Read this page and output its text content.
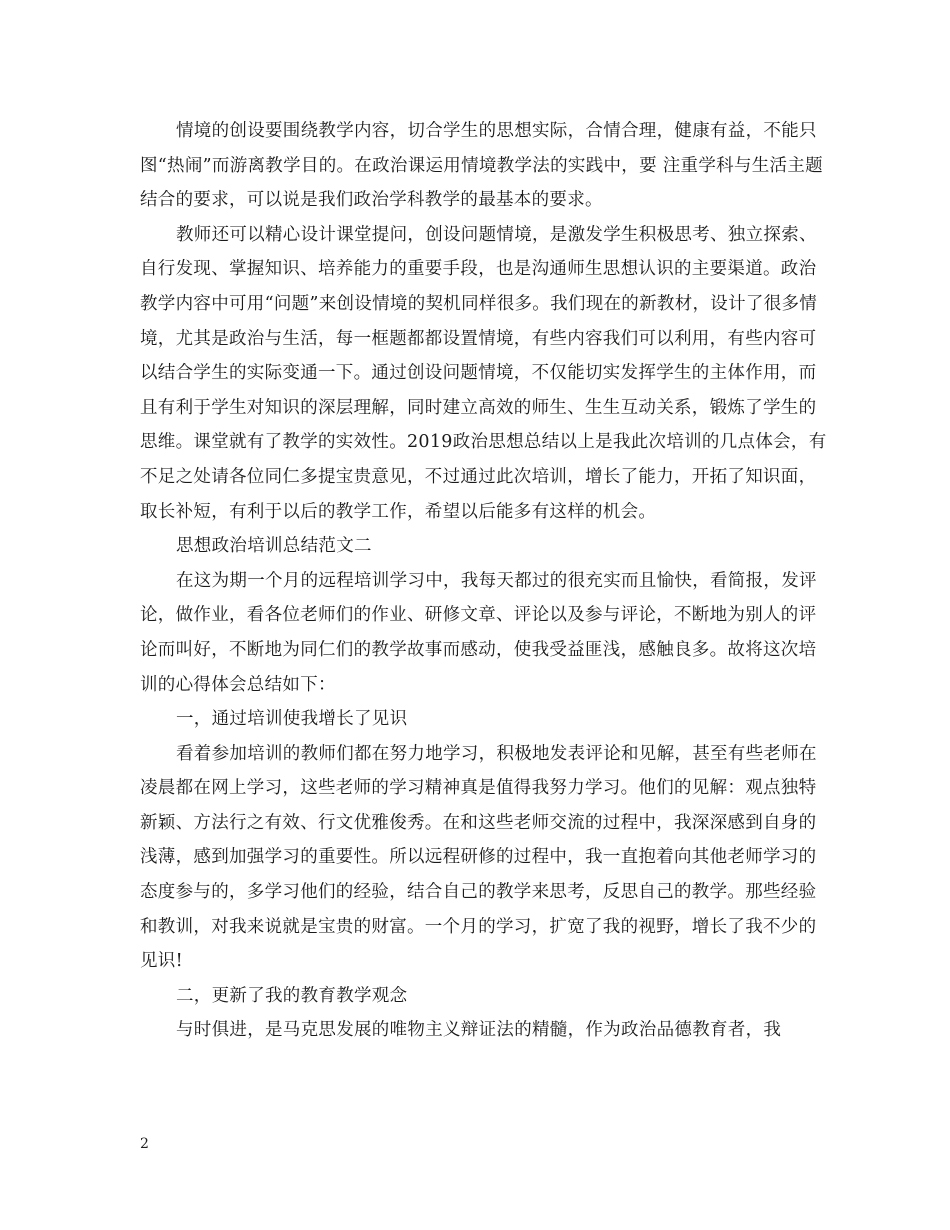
情境的创设要围绕教学内容，切合学生的思想实际，合情合理，健康有益，不能只图“热闹”而游离教学目的。在政治课运用情境教学法的实践中，要 注重学科与生活主题结合的要求，可以说是我们政治学科教学的最基本的要求。

教师还可以精心设计课堂提问，创设问题情境，是激发学生积极思考、独立探索、自行发现、掌握知识、培养能力的重要手段，也是沟通师生思想认识的主要渠道。政治教学内容中可用“问题”来创设情境的契机同样很多。我们现在的新教材，设计了很多情境，尤其是政治与生活，每一框题都都设置情境，有些内容我们可以利用，有些内容可以结合学生的实际变通一下。通过创设问题情境，不仅能切实发挥学生的主体作用，而且有利于学生对知识的深层理解，同时建立高效的师生、生生互动关系，锻炼了学生的思维。课堂就有了教学的实效性。2019政治思想总结以上是我此次培训的几点体会，有不足之处请各位同仁多提宝贵意见，不过通过此次培训，增长了能力，开拓了知识面，取长补短，有利于以后的教学工作，希望以后能多有这样的机会。

思想政治培训总结范文二

在这为期一个月的远程培训学习中，我每天都过的很充实而且愉快，看简报，发评论，做作业，看各位老师们的作业、研修文章、评论以及参与评论，不断地为别人的评论而叫好，不断地为同仁们的教学故事而感动，使我受益匪浅，感触良多。故将这次培训的心得体会总结如下：

一，通过培训使我增长了见识

看着参加培训的教师们都在努力地学习，积极地发表评论和见解，甚至有些老师在凌晨都在网上学习，这些老师的学习精神真是值得我努力学习。他们的见解：观点独特新颖、方法行之有效、行文优雅俊秀。在和这些老师交流的过程中，我深深感到自身的浅薄，感到加强学习的重要性。所以远程研修的过程中，我一直抱着向其他老师学习的态度参与的，多学习他们的经验，结合自己的教学来思考，反思自己的教学。那些经验和教训，对我来说就是宝贵的财富。一个月的学习，扩宽了我的视野，增长了我不少的见识!

二，更新了我的教育教学观念

与时俱进，是马克思发展的唯物主义辩证法的精髓，作为政治品德教育者，我

2
